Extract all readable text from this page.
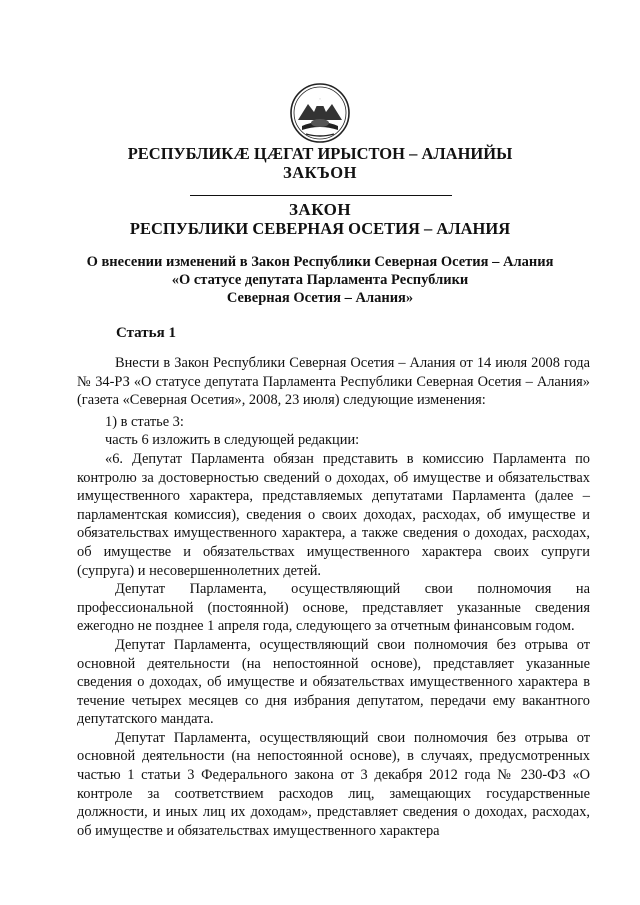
РЕСПУБЛИКÆ ЦÆГАТ ИРЫСТОН – АЛАНИЙЫ
ЗАКЪОН
ЗАКОН
РЕСПУБЛИКИ СЕВЕРНАЯ ОСЕТИЯ – АЛАНИЯ
О внесении изменений в Закон Республики Северная Осетия – Алания
«О статусе депутата Парламента Республики
Северная Осетия – Алания»
Статья 1

Внести в Закон Республики Северная Осетия – Алания от 14 июля 2008 года № 34-РЗ «О статусе депутата Парламента Республики Северная Осетия – Алания» (газета «Северная Осетия», 2008, 23 июля) следующие изменения:

1) в статье 3:

часть 6 изложить в следующей редакции:

«6. Депутат Парламента обязан представить в комиссию Парламента по контролю за достоверностью сведений о доходах, об имуществе и обязательствах имущественного характера, представляемых депутатами Парламента (далее – парламентская комиссия), сведения о своих доходах, расходах, об имуществе и обязательствах имущественного характера, а также сведения о доходах, расходах, об имуществе и обязательствах имущественного характера своих супруги (супруга) и несовершеннолетних детей.

Депутат Парламента, осуществляющий свои полномочия на профессиональной (постоянной) основе, представляет указанные сведения ежегодно не позднее 1 апреля года, следующего за отчетным финансовым годом.

Депутат Парламента, осуществляющий свои полномочия без отрыва от основной деятельности (на непостоянной основе), представляет указанные сведения о доходах, об имуществе и обязательствах имущественного характера в течение четырех месяцев со дня избрания депутатом, передачи ему вакантного депутатского мандата.

Депутат Парламента, осуществляющий свои полномочия без отрыва от основной деятельности (на непостоянной основе), в случаях, предусмотренных частью 1 статьи 3 Федерального закона от 3 декабря 2012 года № 230-ФЗ «О контроле за соответствием расходов лиц, замещающих государственные должности, и иных лиц их доходам», представляет сведения о доходах, расходах, об имуществе и обязательствах имущественного характера
